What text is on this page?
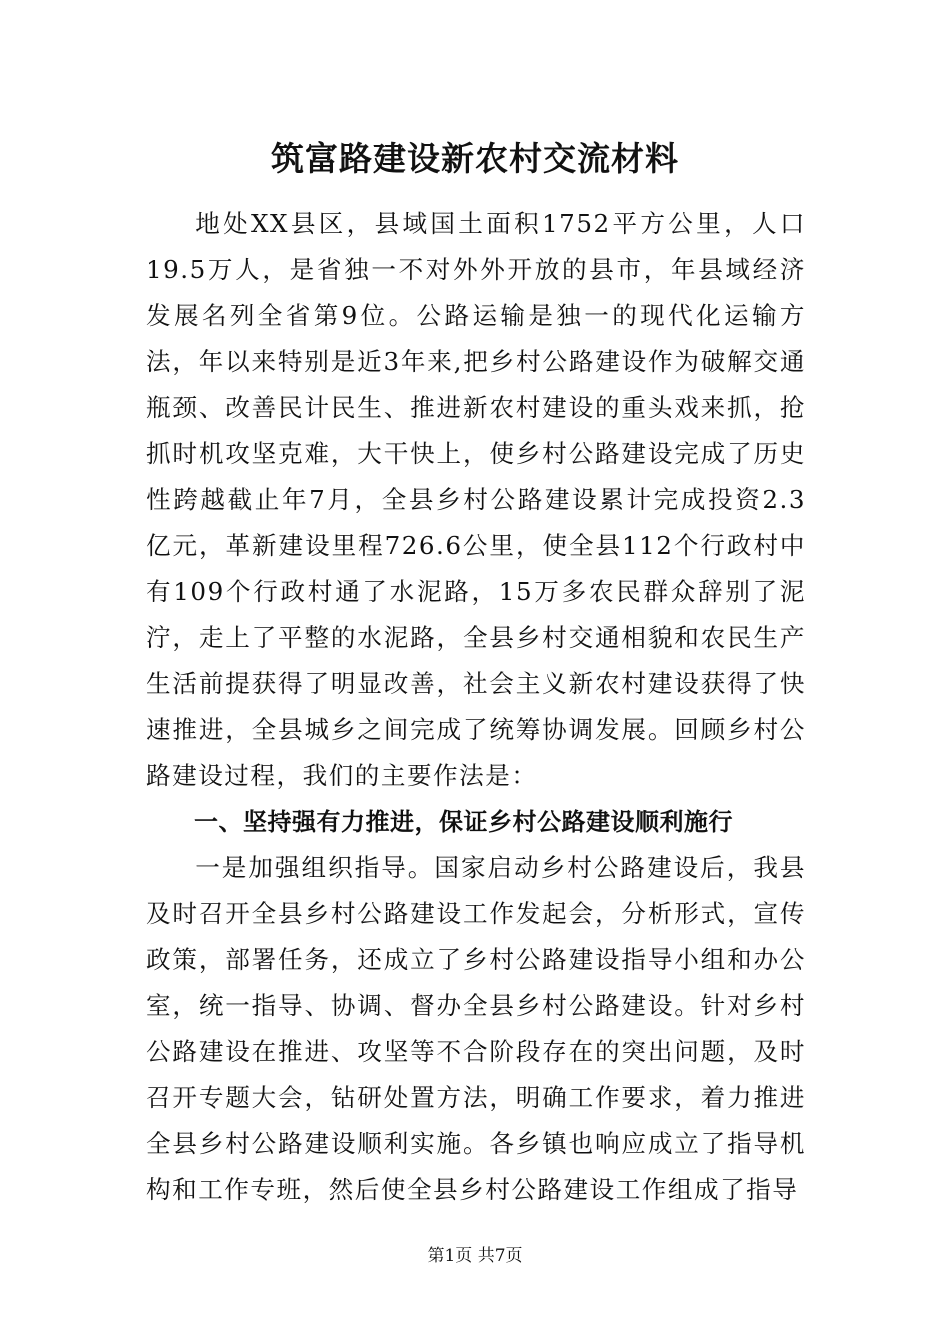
筑富路建设新农村交流材料

地处XX县区，县域国土面积1752平方公里，人口19.5万人，是省独一不对外外开放的县市，年县域经济发展名列全省第9位。公路运输是独一的现代化运输方法，年以来特别是近3年来,把乡村公路建设作为破解交通瓶颈、改善民计民生、推进新农村建设的重头戏来抓，抢抓时机攻坚克难，大干快上，使乡村公路建设完成了历史性跨越截止年7月，全县乡村公路建设累计完成投资2.3亿元，革新建设里程726.6公里，使全县112个行政村中有109个行政村通了水泥路，15万多农民群众辞别了泥泞，走上了平整的水泥路，全县乡村交通相貌和农民生产生活前提获得了明显改善，社会主义新农村建设获得了快速推进，全县城乡之间完成了统筹协调发展。回顾乡村公路建设过程，我们的主要作法是：

一、坚持强有力推进，保证乡村公路建设顺利施行

一是加强组织指导。国家启动乡村公路建设后，我县及时召开全县乡村公路建设工作发起会，分析形式，宣传政策，部署任务，还成立了乡村公路建设指导小组和办公室，统一指导、协调、督办全县乡村公路建设。针对乡村公路建设在推进、攻坚等不合阶段存在的突出问题，及时召开专题大会，钻研处置方法，明确工作要求，着力推进全县乡村公路建设顺利实施。各乡镇也响应成立了指导机构和工作专班，然后使全县乡村公路建设工作组成了指导

第1页 共7页
